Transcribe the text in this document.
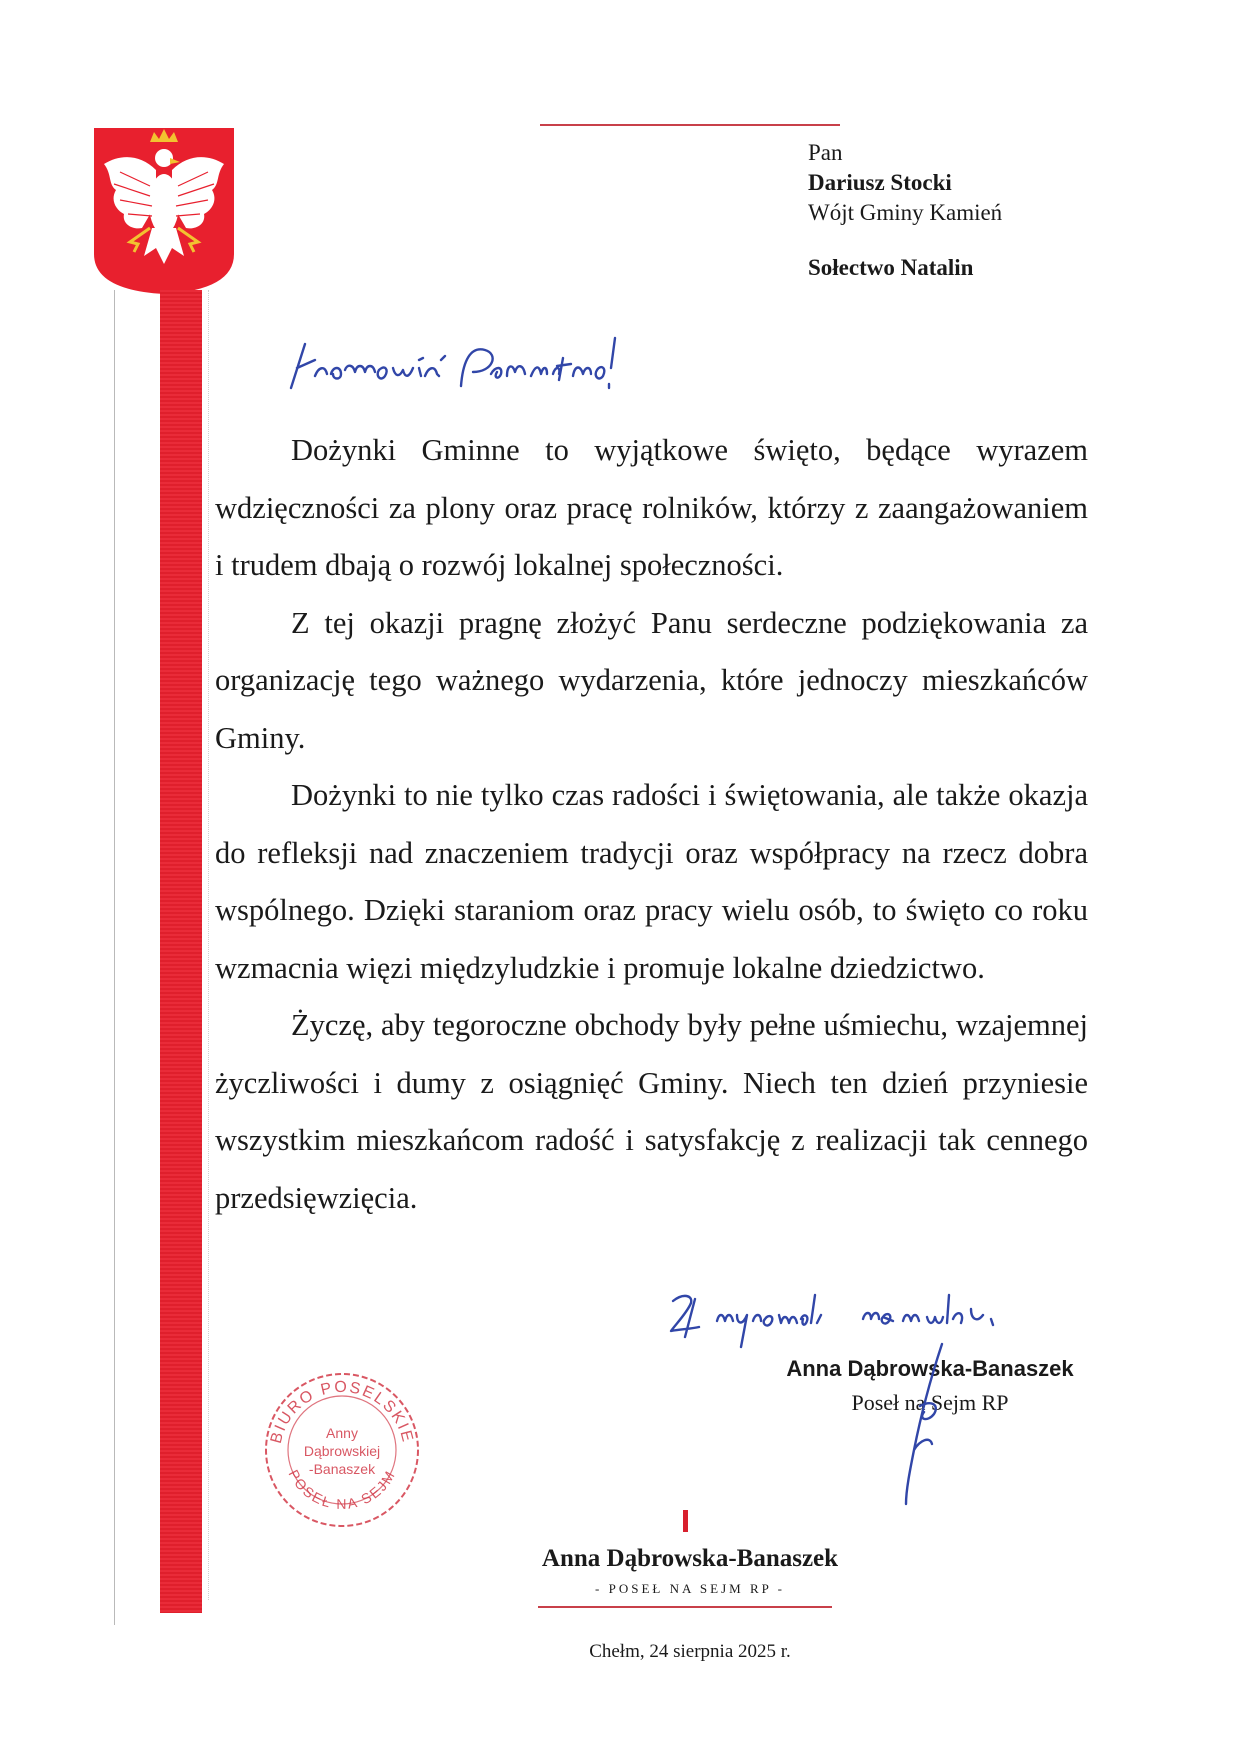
Pan
Dariusz Stocki
Wójt Gminy Kamień
Sołectwo Natalin
Szanowni Państwo!

Dożynki Gminne to wyjątkowe święto, będące wyrazem wdzięczności za plony oraz pracę rolników, którzy z zaangażowaniem i trudem dbają o rozwój lokalnej społeczności.

Z tej okazji pragnę złożyć Panu serdeczne podziękowania za organizację tego ważnego wydarzenia, które jednoczy mieszkańców Gminy.

Dożynki to nie tylko czas radości i świętowania, ale także okazja do refleksji nad znaczeniem tradycji oraz współpracy na rzecz dobra wspólnego. Dzięki staraniom oraz pracy wielu osób, to święto co roku wzmacnia więzi międzyludzkie i promuje lokalne dziedzictwo.

Życzę, aby tegoroczne obchody były pełne uśmiechu, wzajemnej życzliwości i dumy z osiągnięć Gminy. Niech ten dzień przyniesie wszystkim mieszkańcom radość i satysfakcję z realizacji tak cennego przedsięwzięcia.

Z wyrazami szacunku,
Anna Dąbrowska-Banaszek
Poseł na Sejm RP
BIURO POSELSKIE
POSEŁ NA SEJM
Anny
Dąbrowskiej
-Banaszek
Anna Dąbrowska-Banaszek
- POSEŁ NA SEJM RP -
Chełm, 24 sierpnia 2025 r.
